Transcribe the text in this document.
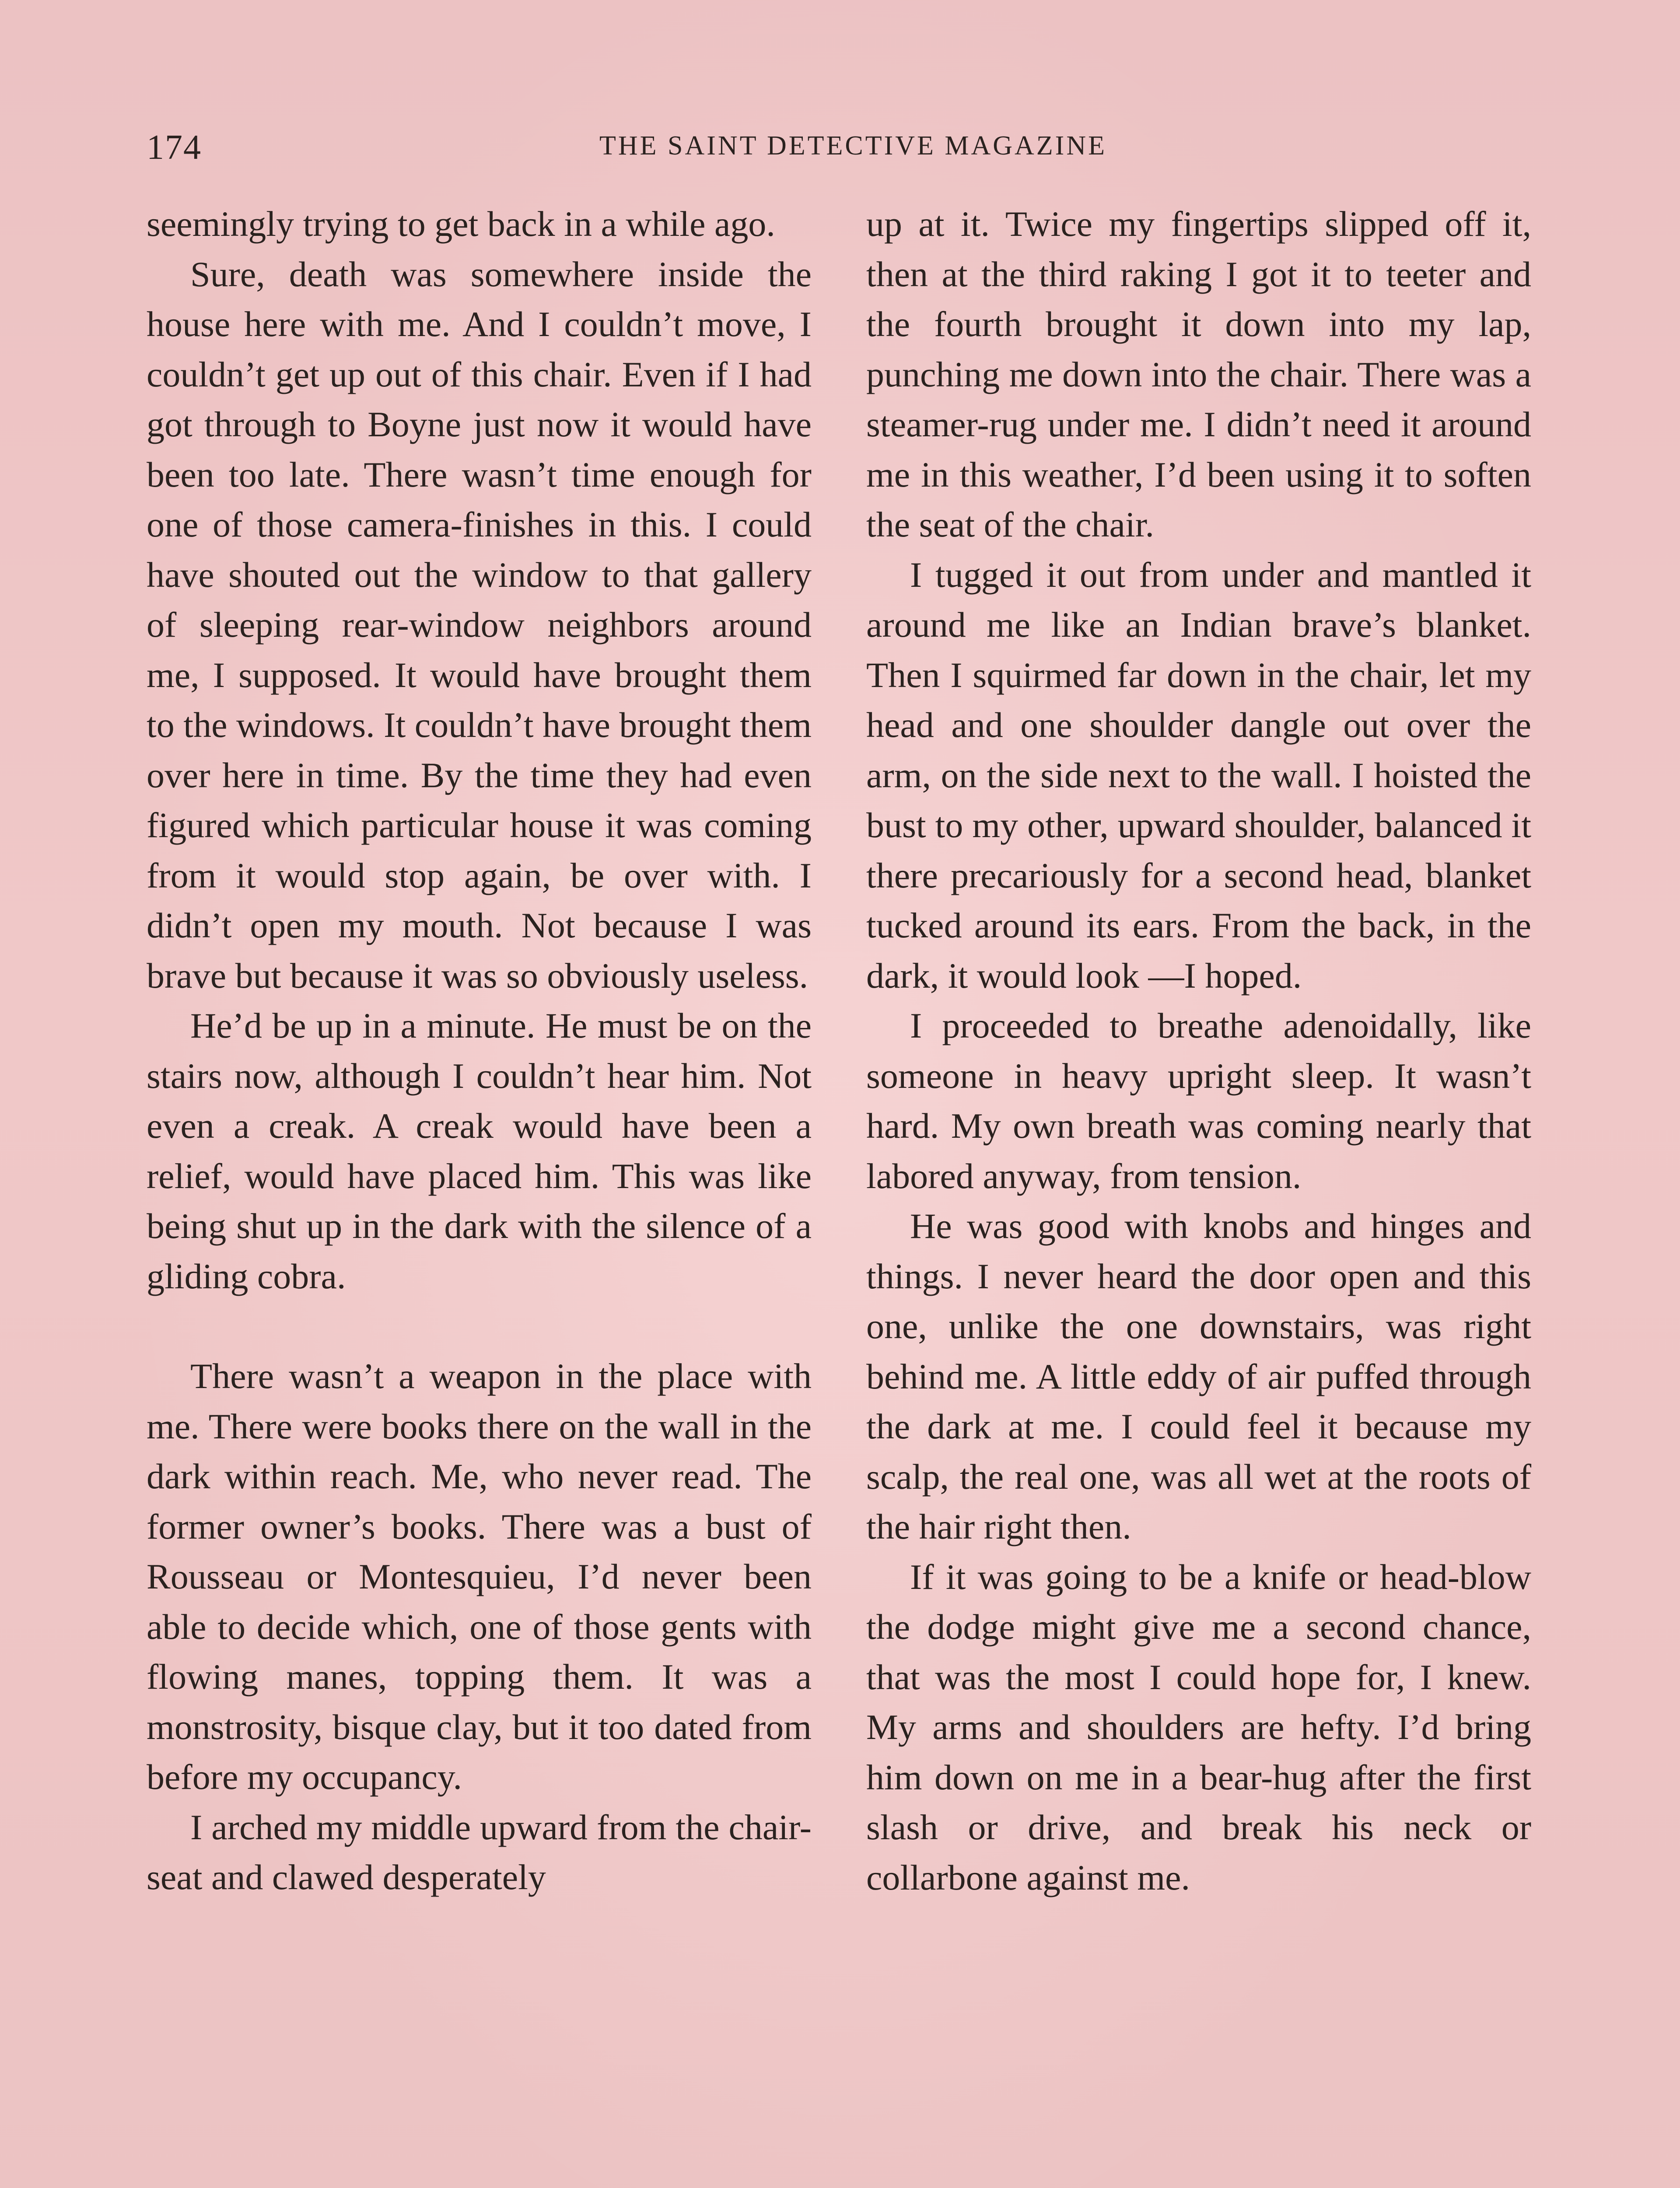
174	THE SAINT DETECTIVE MAGAZINE

seemingly trying to get back in a while ago.

Sure, death was somewhere inside the house here with me. And I couldn’t move, I couldn’t get up out of this chair. Even if I had got through to Boyne just now it would have been too late. There wasn’t time enough for one of those camera-finishes in this. I could have shouted out the window to that gallery of sleeping rear-window neighbors around me, I supposed. It would have brought them to the windows. It couldn’t have brought them over here in time. By the time they had even figured which particular house it was coming from it would stop again, be over with. I didn’t open my mouth. Not because I was brave but because it was so obviously useless.

He’d be up in a minute. He must be on the stairs now, although I couldn’t hear him. Not even a creak. A creak would have been a relief, would have placed him. This was like being shut up in the dark with the silence of a gliding cobra.

There wasn’t a weapon in the place with me. There were books there on the wall in the dark within reach. Me, who never read. The former owner’s books. There was a bust of Rousseau or Montesquieu, I’d never been able to decide which, one of those gents with flowing manes, topping them. It was a monstrosity, bisque clay, but it too dated from before my occupancy.

I arched my middle upward from the chair-seat and clawed desperately

up at it. Twice my fingertips slipped off it, then at the third raking I got it to teeter and the fourth brought it down into my lap, punching me down into the chair. There was a steamer-rug under me. I didn’t need it around me in this weather, I’d been using it to soften the seat of the chair.

I tugged it out from under and mantled it around me like an Indian brave’s blanket. Then I squirmed far down in the chair, let my head and one shoulder dangle out over the arm, on the side next to the wall. I hoisted the bust to my other, upward shoulder, balanced it there precariously for a second head, blanket tucked around its ears. From the back, in the dark, it would look —I hoped.

I proceeded to breathe adenoidally, like someone in heavy upright sleep. It wasn’t hard. My own breath was coming nearly that labored anyway, from tension.

He was good with knobs and hinges and things. I never heard the door open and this one, unlike the one downstairs, was right behind me. A little eddy of air puffed through the dark at me. I could feel it because my scalp, the real one, was all wet at the roots of the hair right then.

If it was going to be a knife or head-blow the dodge might give me a second chance, that was the most I could hope for, I knew. My arms and shoulders are hefty. I’d bring him down on me in a bear-hug after the first slash or drive, and break his neck or collarbone against me.
